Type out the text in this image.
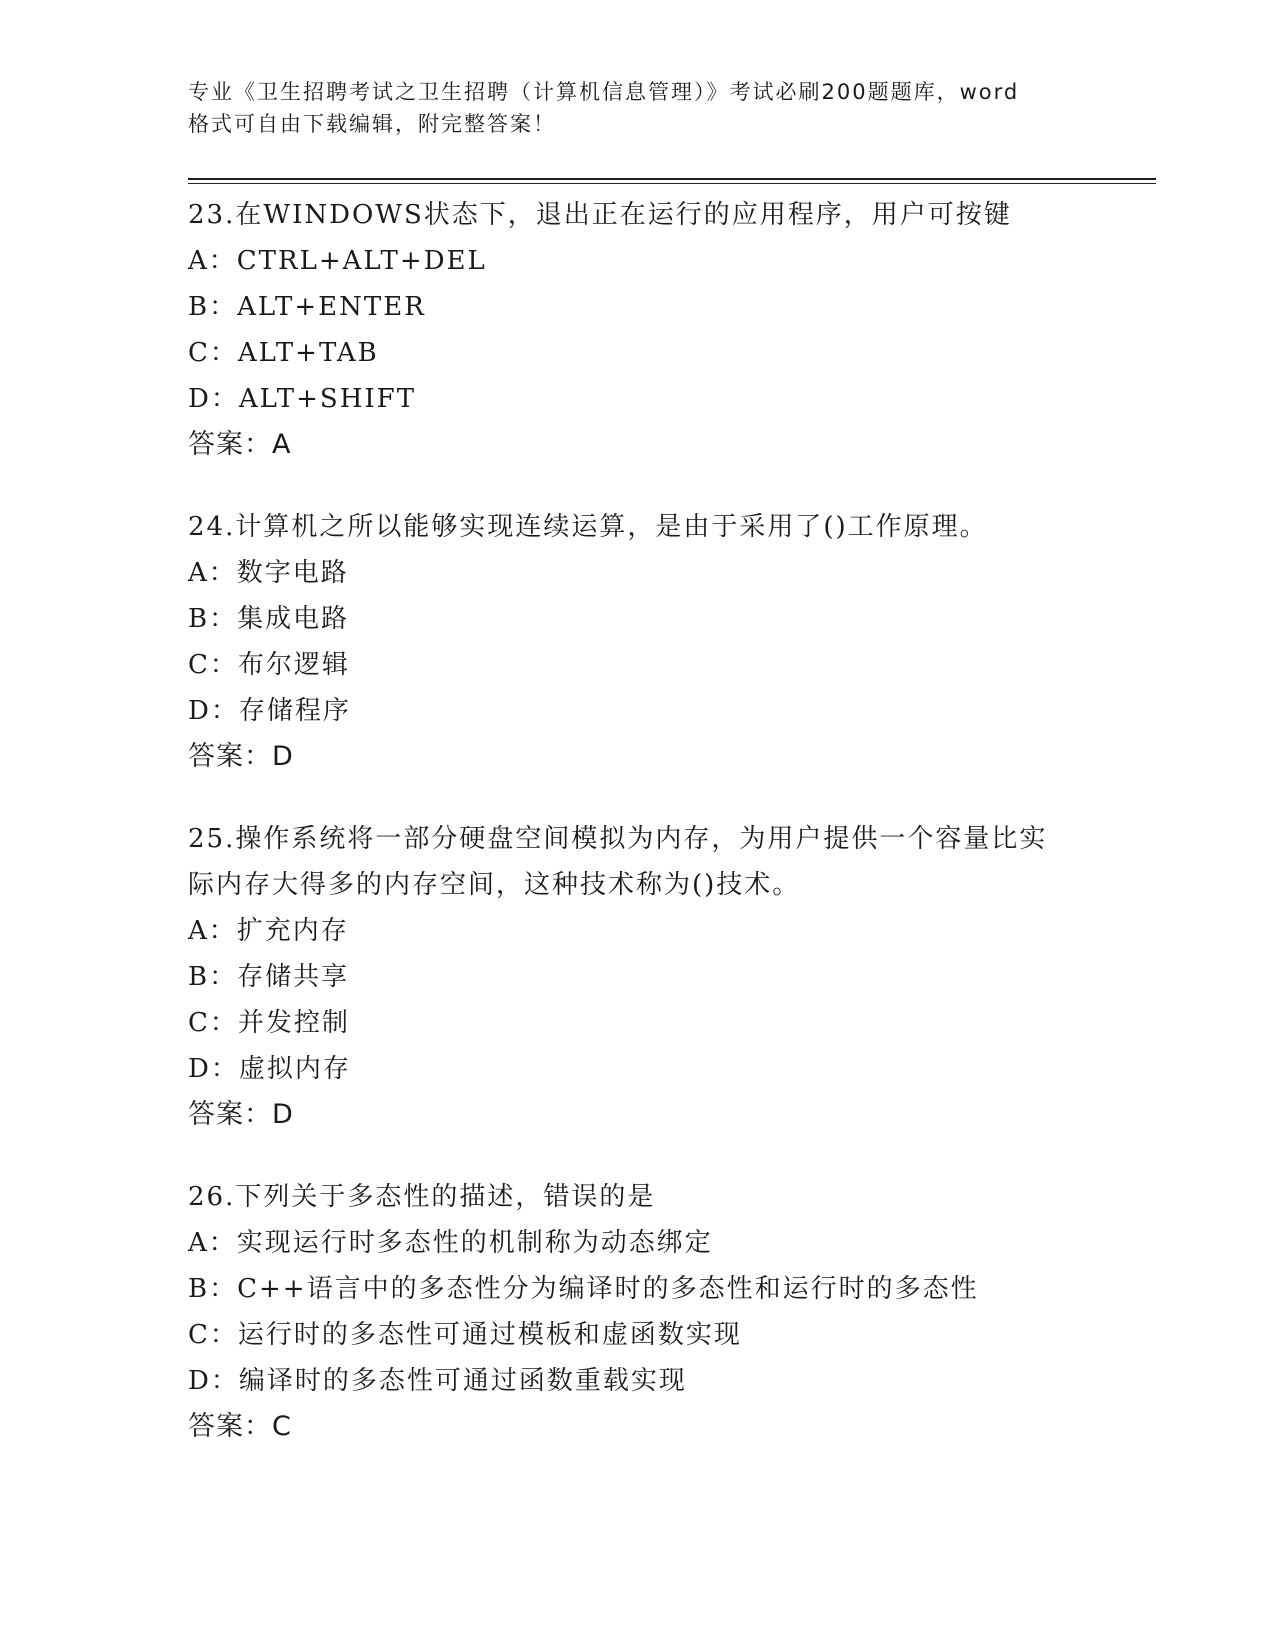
专业《卫生招聘考试之卫生招聘（计算机信息管理）》考试必刷200题题库，word
格式可自由下载编辑，附完整答案！
23.在WINDOWS状态下，退出正在运行的应用程序，用户可按键
A：CTRL+ALT+DEL
B：ALT+ENTER
C：ALT+TAB
D：ALT+SHIFT
答案：A
24.计算机之所以能够实现连续运算，是由于采用了()工作原理。
A：数字电路
B：集成电路
C：布尔逻辑
D：存储程序
答案：D
25.操作系统将一部分硬盘空间模拟为内存，为用户提供一个容量比实际内存大得多的内存空间，这种技术称为()技术。
A：扩充内存
B：存储共享
C：并发控制
D：虚拟内存
答案：D
26.下列关于多态性的描述，错误的是
A：实现运行时多态性的机制称为动态绑定
B：C++语言中的多态性分为编译时的多态性和运行时的多态性
C：运行时的多态性可通过模板和虚函数实现
D：编译时的多态性可通过函数重载实现
答案：C
